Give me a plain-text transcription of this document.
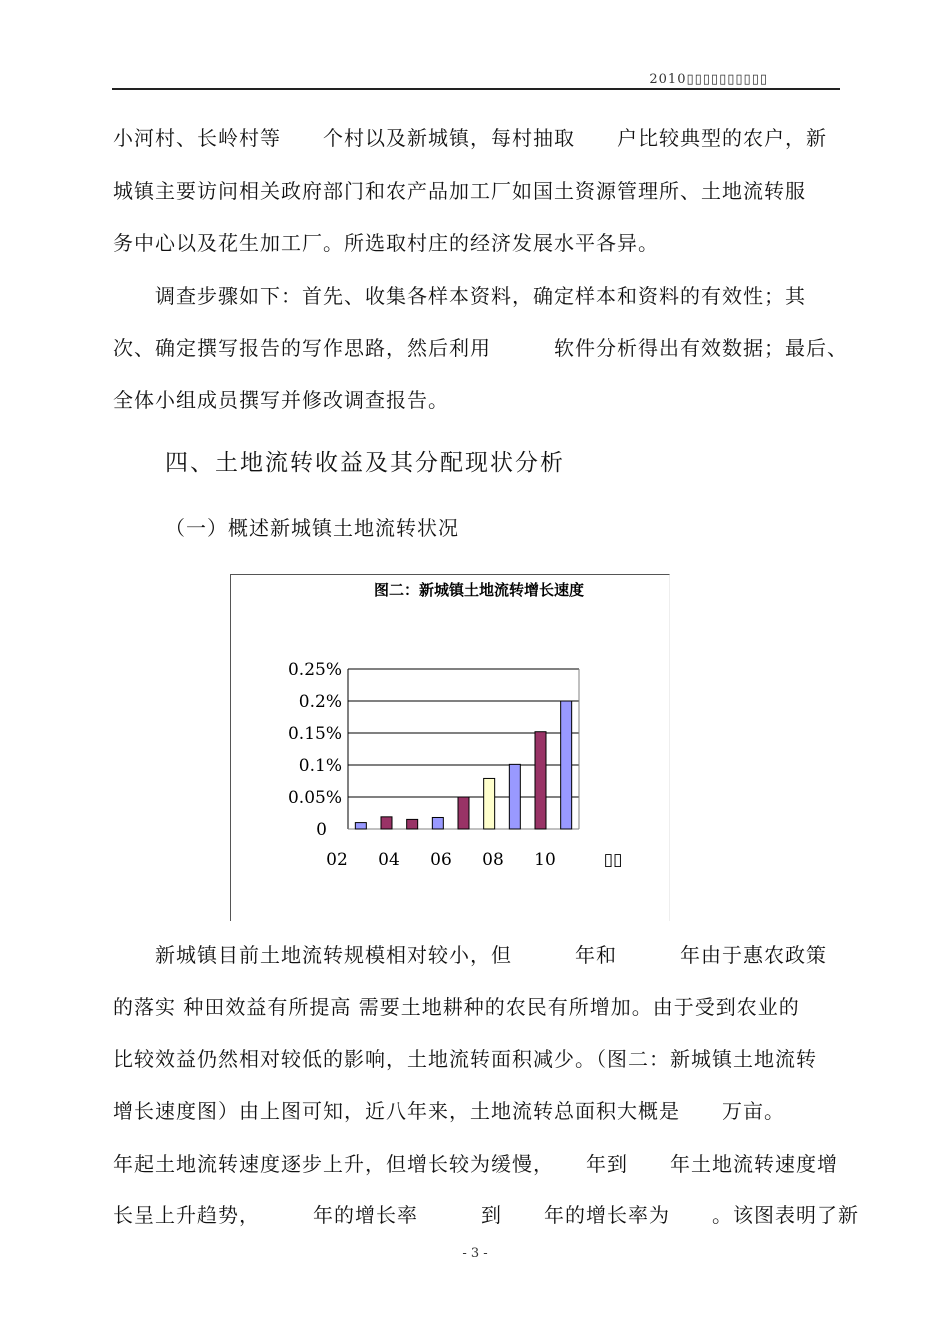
2010▯▯▯▯▯▯▯▯▯▯
小河村、长岭村等　　个村以及新城镇，每村抽取　　户比较典型的农户，新
城镇主要访问相关政府部门和农产品加工厂如国土资源管理所、土地流转服
务中心以及花生加工厂。所选取村庄的经济发展水平各异。
　　调查步骤如下：首先、收集各样本资料，确定样本和资料的有效性；其
次、确定撰写报告的写作思路，然后利用　　　软件分析得出有效数据；最后、
全体小组成员撰写并修改调查报告。
四、土地流转收益及其分配现状分析
（一）概述新城镇土地流转状况
图二：新城镇土地流转增长速度
0
0.05%
0.1%
0.15%
0.2%
0.25%
02 04 06 08 10	▯▯
　　新城镇目前土地流转规模相对较小，但　　　年和　　　年由于惠农政策
的落实 种田效益有所提高 需要土地耕种的农民有所增加。由于受到农业的
比较效益仍然相对较低的影响，土地流转面积减少。（图二：新城镇土地流转
增长速度图）由上图可知，近八年来，土地流转总面积大概是　　万亩。
年起土地流转速度逐步上升，但增长较为缓慢，　　年到　　年土地流转速度增
长呈上升趋势，　　　年的增长率　　　到　　年的增长率为　　。该图表明了新
- 3 -
